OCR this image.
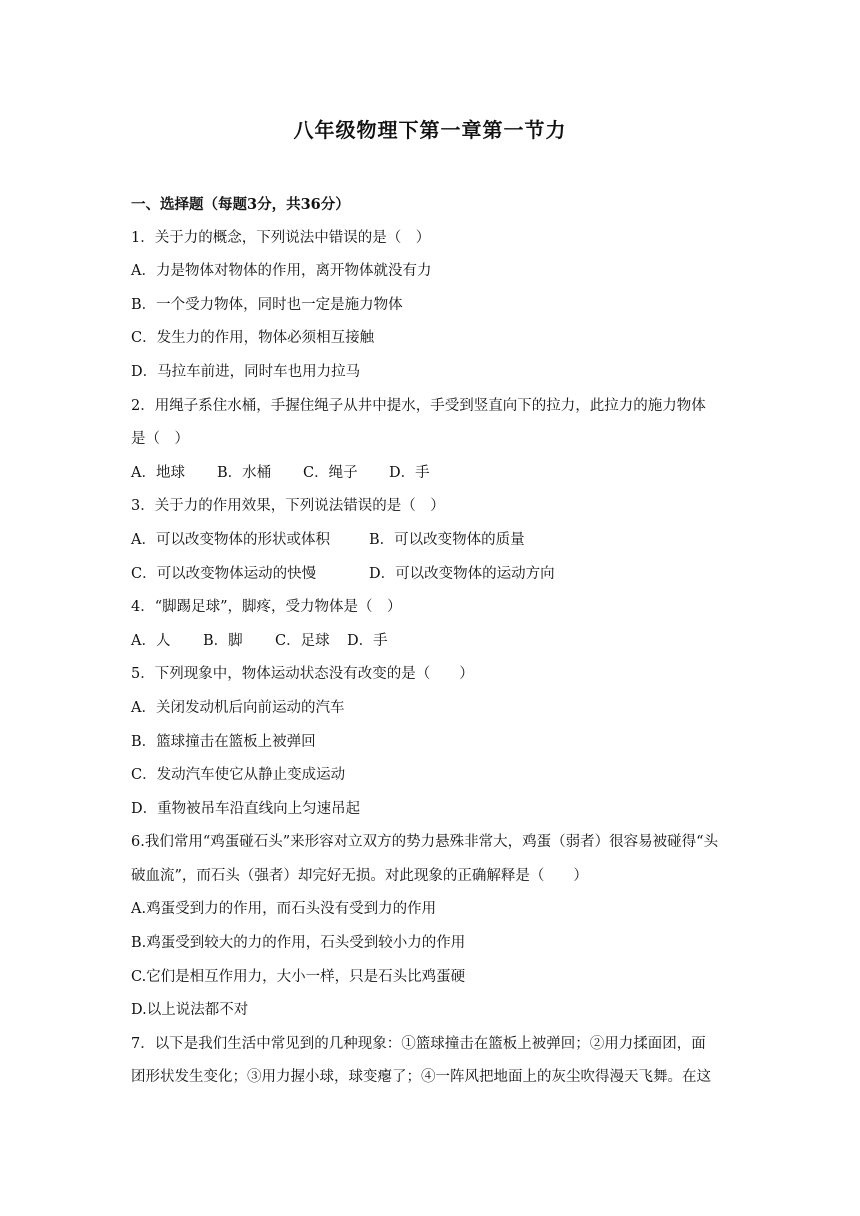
八年级物理下第一章第一节力
一、选择题（每题3分，共36分）
1．关于力的概念，下列说法中错误的是（　）
A．力是物体对物体的作用，离开物体就没有力
B．一个受力物体，同时也一定是施力物体
C．发生力的作用，物体必须相互接触
D．马拉车前进，同时车也用力拉马
2．用绳子系住水桶，手握住绳子从井中提水，手受到竖直向下的拉力，此拉力的施力物体
是（　）
A．地球 B．水桶 C．绳子 D．手
3．关于力的作用效果，下列说法错误的是（　）
A．可以改变物体的形状或体积	B．可以改变物体的质量
C．可以改变物体运动的快慢	D．可以改变物体的运动方向
4．“脚踢足球”，脚疼，受力物体是（　）
A．人 B．脚 C．足球 D．手
5．下列现象中，物体运动状态没有改变的是（　　）
A．关闭发动机后向前运动的汽车
B．篮球撞击在篮板上被弹回
C．发动汽车使它从静止变成运动
D．重物被吊车沿直线向上匀速吊起
6.我们常用“鸡蛋碰石头”来形容对立双方的势力悬殊非常大，鸡蛋（弱者）很容易被碰得“头
破血流”，而石头（强者）却完好无损。对此现象的正确解释是（　　）
A.鸡蛋受到力的作用，而石头没有受到力的作用
B.鸡蛋受到较大的力的作用，石头受到较小力的作用
C.它们是相互作用力，大小一样，只是石头比鸡蛋硬
D.以上说法都不对
7．以下是我们生活中常见到的几种现象：①篮球撞击在篮板上被弹回；②用力揉面团，面
团形状发生变化；③用力握小球，球变瘪了；④一阵风把地面上的灰尘吹得漫天飞舞。在这
